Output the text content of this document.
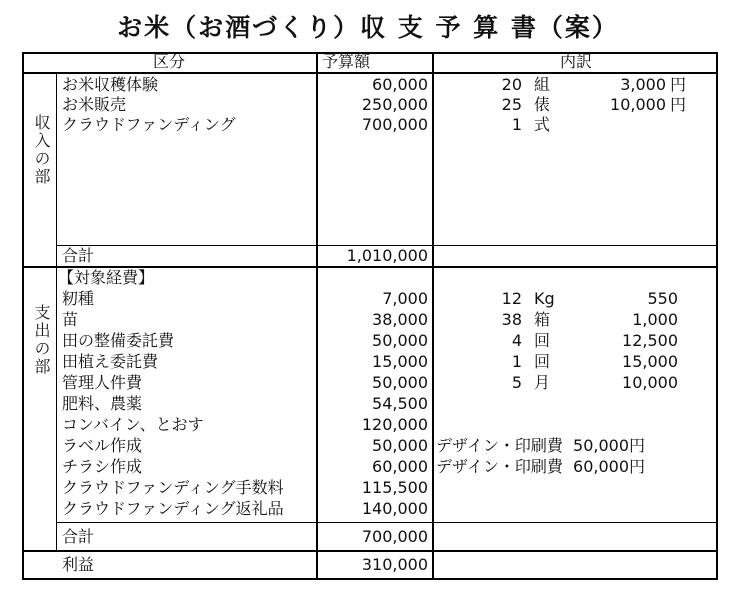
お米（お酒づくり）収 支 予 算 書（案）
区分	予算額	内訳
収入の部
支出の部
お米収穫体験	60,000	20 組	3,000 円
お米販売	250,000	25 俵	10,000 円
クラウドファンディング	700,000	1 式
合計	1,010,000
【対象経費】
籾種	7,000	12 Kg	550
苗	38,000	38 箱	1,000
田の整備委託費	50,000	4 回	12,500
田植え委託費	15,000	1 回	15,000
管理人件費	50,000	5 月	10,000
肥料、農薬	54,500
コンバイン、とおす	120,000
ラベル作成	50,000 デザイン・印刷費  50,000円
チラシ作成	60,000 デザイン・印刷費  60,000円
クラウドファンディング手数料	115,500
クラウドファンディング返礼品	140,000
合計	700,000
利益	310,000
